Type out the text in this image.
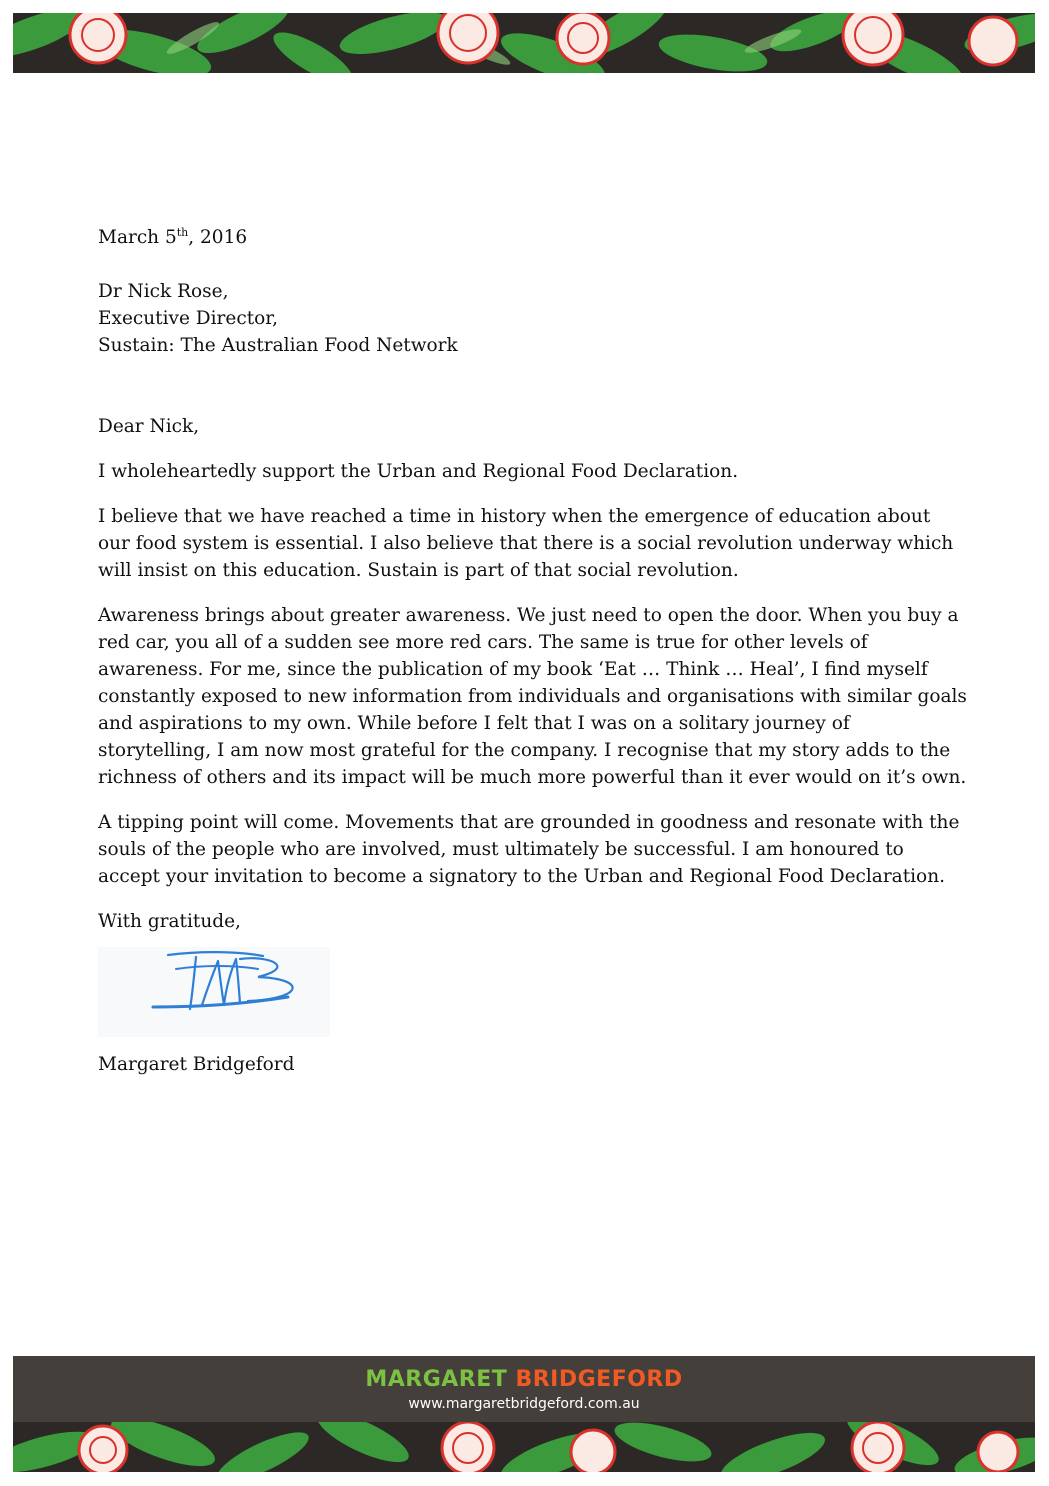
March 5th, 2016

Dr Nick Rose,

Executive Director,

Sustain: The Australian Food Network

Dear Nick,

I wholeheartedly support the Urban and Regional Food Declaration.

I believe that we have reached a time in history when the emergence of education about our food system is essential. I also believe that there is a social revolution underway which will insist on this education. Sustain is part of that social revolution.

Awareness brings about greater awareness. We just need to open the door. When you buy a red car, you all of a sudden see more red cars. The same is true for other levels of awareness. For me, since the publication of my book ‘Eat … Think … Heal’, I find myself constantly exposed to new information from individuals and organisations with similar goals and aspirations to my own. While before I felt that I was on a solitary journey of storytelling, I am now most grateful for the company. I recognise that my story adds to the richness of others and its impact will be much more powerful than it ever would on it’s own.

A tipping point will come. Movements that are grounded in goodness and resonate with the souls of the people who are involved, must ultimately be successful. I am honoured to accept your invitation to become a signatory to the Urban and Regional Food Declaration.

With gratitude,

Margaret Bridgeford

MARGARET BRIDGEFORD
www.margaretbridgeford.com.au
